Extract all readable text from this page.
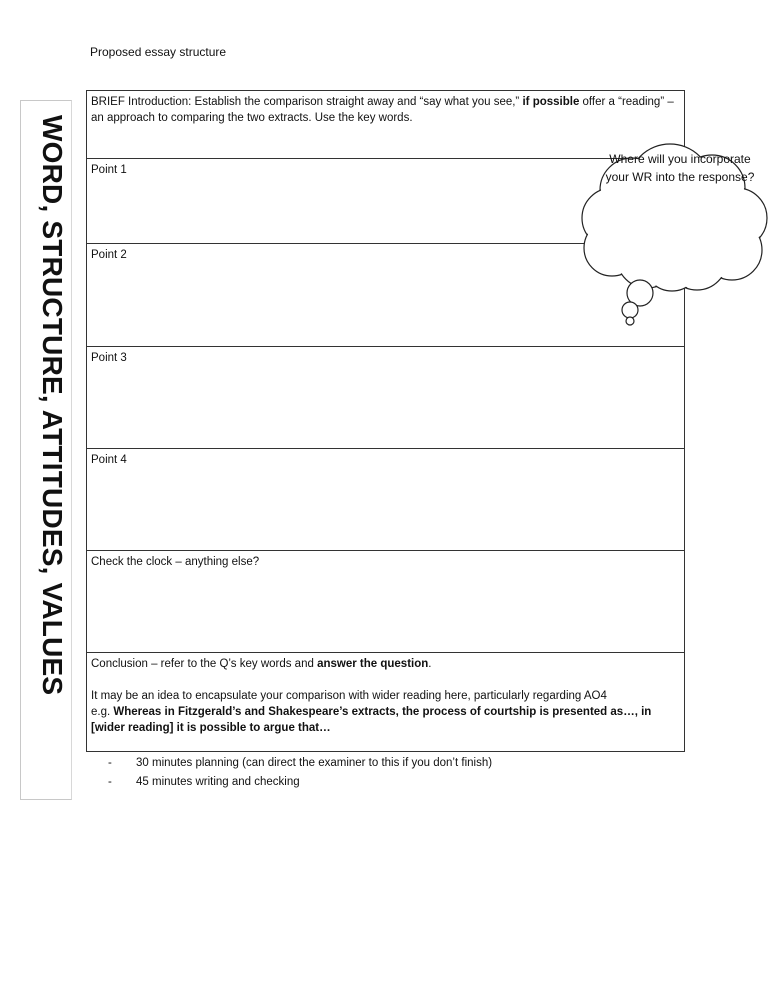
Proposed essay structure
WORD, STRUCTURE, ATTITUDES, VALUES
BRIEF Introduction: Establish the comparison straight away and “say what you see,” if possible offer a “reading” – an approach to comparing the two extracts. Use the key words.
Point 1
Point 2
Point 3
Point 4
Check the clock – anything else?
Conclusion – refer to the Q’s key words and answer the question.
It may be an idea to encapsulate your comparison with wider reading here, particularly regarding AO4
e.g. Whereas in Fitzgerald’s and Shakespeare’s extracts, the process of courtship is presented as…, in [wider reading] it is possible to argue that…
- 30 minutes planning (can direct the examiner to this if you don’t finish)
- 45 minutes writing and checking
Where will you incorporate your WR into the response?
